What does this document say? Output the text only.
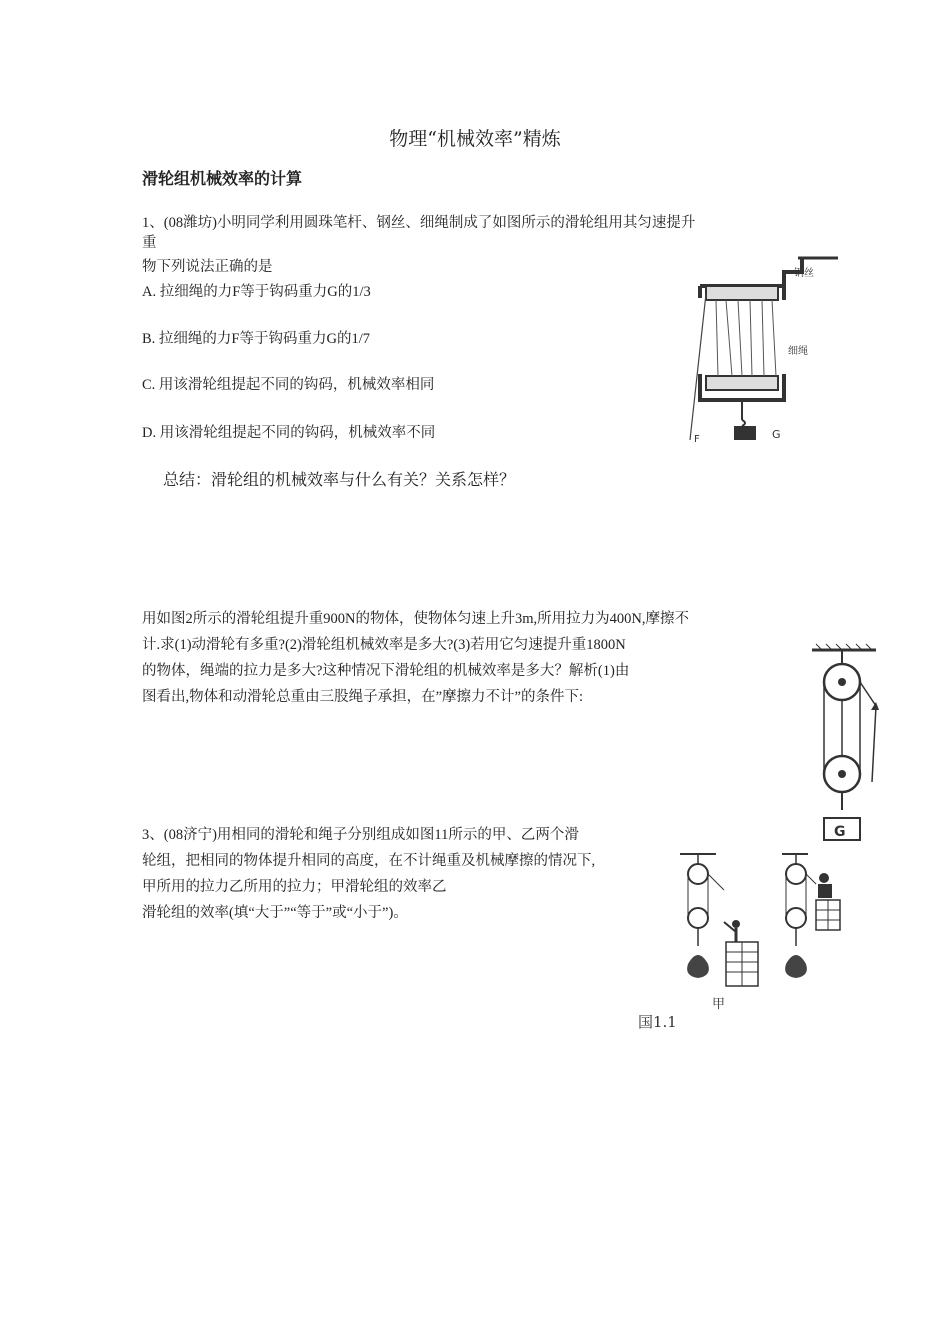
物理“机械效率”精炼
滑轮组机械效率的计算
1、(08潍坊)小明同学利用圆珠笔杆、钢丝、细绳制成了如图所示的滑轮组用其匀速提升
重
物下列说法正确的是
A. 拉细绳的力F等于钩码重力G的1/3
B. 拉细绳的力F等于钩码重力G的1/7
C. 用该滑轮组提起不同的钩码，机械效率相同
D. 用该滑轮组提起不同的钩码，机械效率不同
总结：滑轮组的机械效率与什么有关？关系怎样？
钢丝
细绳
F	G
用如图2所示的滑轮组提升重900N的物体，使物体匀速上升3m,所用拉力为400N,摩擦不
计.求(1)动滑轮有多重?(2)滑轮组机械效率是多大?(3)若用它匀速提升重1800N
的物体，绳端的拉力是多大?这种情况下滑轮组的机械效率是多大？解析(1)由
图看出,物体和动滑轮总重由三股绳子承担，在”摩擦力不计”的条件下:
G
3、(08济宁)用相同的滑轮和绳子分别组成如图11所示的甲、乙两个滑
轮组，把相同的物体提升相同的高度，在不计绳重及机械摩擦的情况下,
甲所用的拉力乙所用的拉力；甲滑轮组的效率乙
滑轮组的效率(填“大于”“等于”或“小于”)。
甲
国1.1
